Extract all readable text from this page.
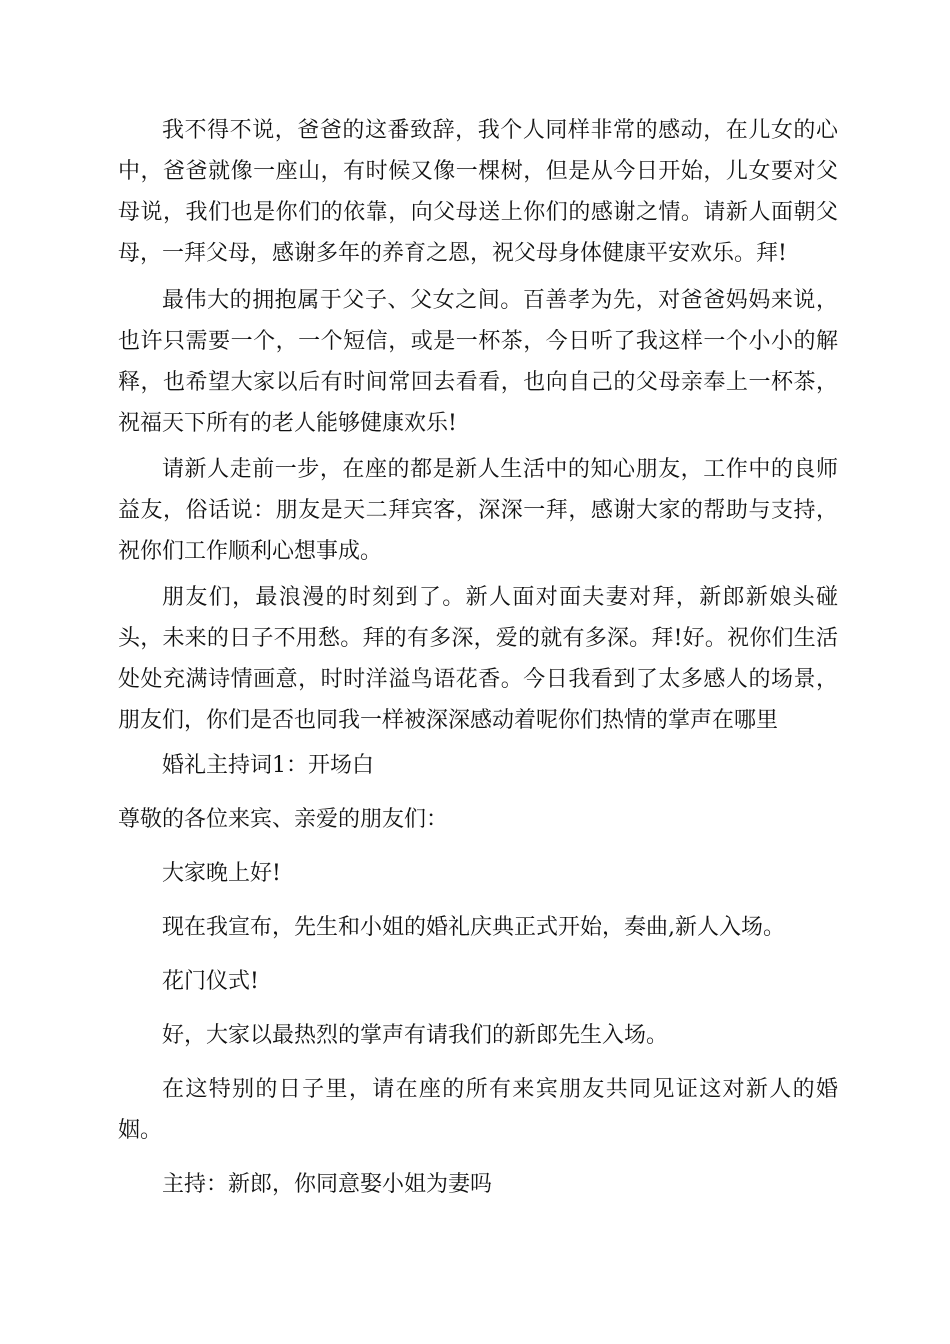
我不得不说，爸爸的这番致辞，我个人同样非常的感动，在儿女的心中，爸爸就像一座山，有时候又像一棵树，但是从今日开始，儿女要对父母说，我们也是你们的依靠，向父母送上你们的感谢之情。请新人面朝父母，一拜父母，感谢多年的养育之恩，祝父母身体健康平安欢乐。拜!

最伟大的拥抱属于父子、父女之间。百善孝为先，对爸爸妈妈来说，也许只需要一个，一个短信，或是一杯茶，今日听了我这样一个小小的解释，也希望大家以后有时间常回去看看，也向自己的父母亲奉上一杯茶，祝福天下所有的老人能够健康欢乐!

请新人走前一步，在座的都是新人生活中的知心朋友，工作中的良师益友，俗话说：朋友是天二拜宾客，深深一拜，感谢大家的帮助与支持，祝你们工作顺利心想事成。

朋友们，最浪漫的时刻到了。新人面对面夫妻对拜，新郎新娘头碰头，未来的日子不用愁。拜的有多深，爱的就有多深。拜!好。祝你们生活处处充满诗情画意，时时洋溢鸟语花香。今日我看到了太多感人的场景，朋友们，你们是否也同我一样被深深感动着呢你们热情的掌声在哪里

婚礼主持词1：开场白

尊敬的各位来宾、亲爱的朋友们：

大家晚上好!

现在我宣布，先生和小姐的婚礼庆典正式开始，奏曲,新人入场。

花门仪式!

好，大家以最热烈的掌声有请我们的新郎先生入场。

在这特别的日子里，请在座的所有来宾朋友共同见证这对新人的婚姻。

主持：新郎，你同意娶小姐为妻吗
